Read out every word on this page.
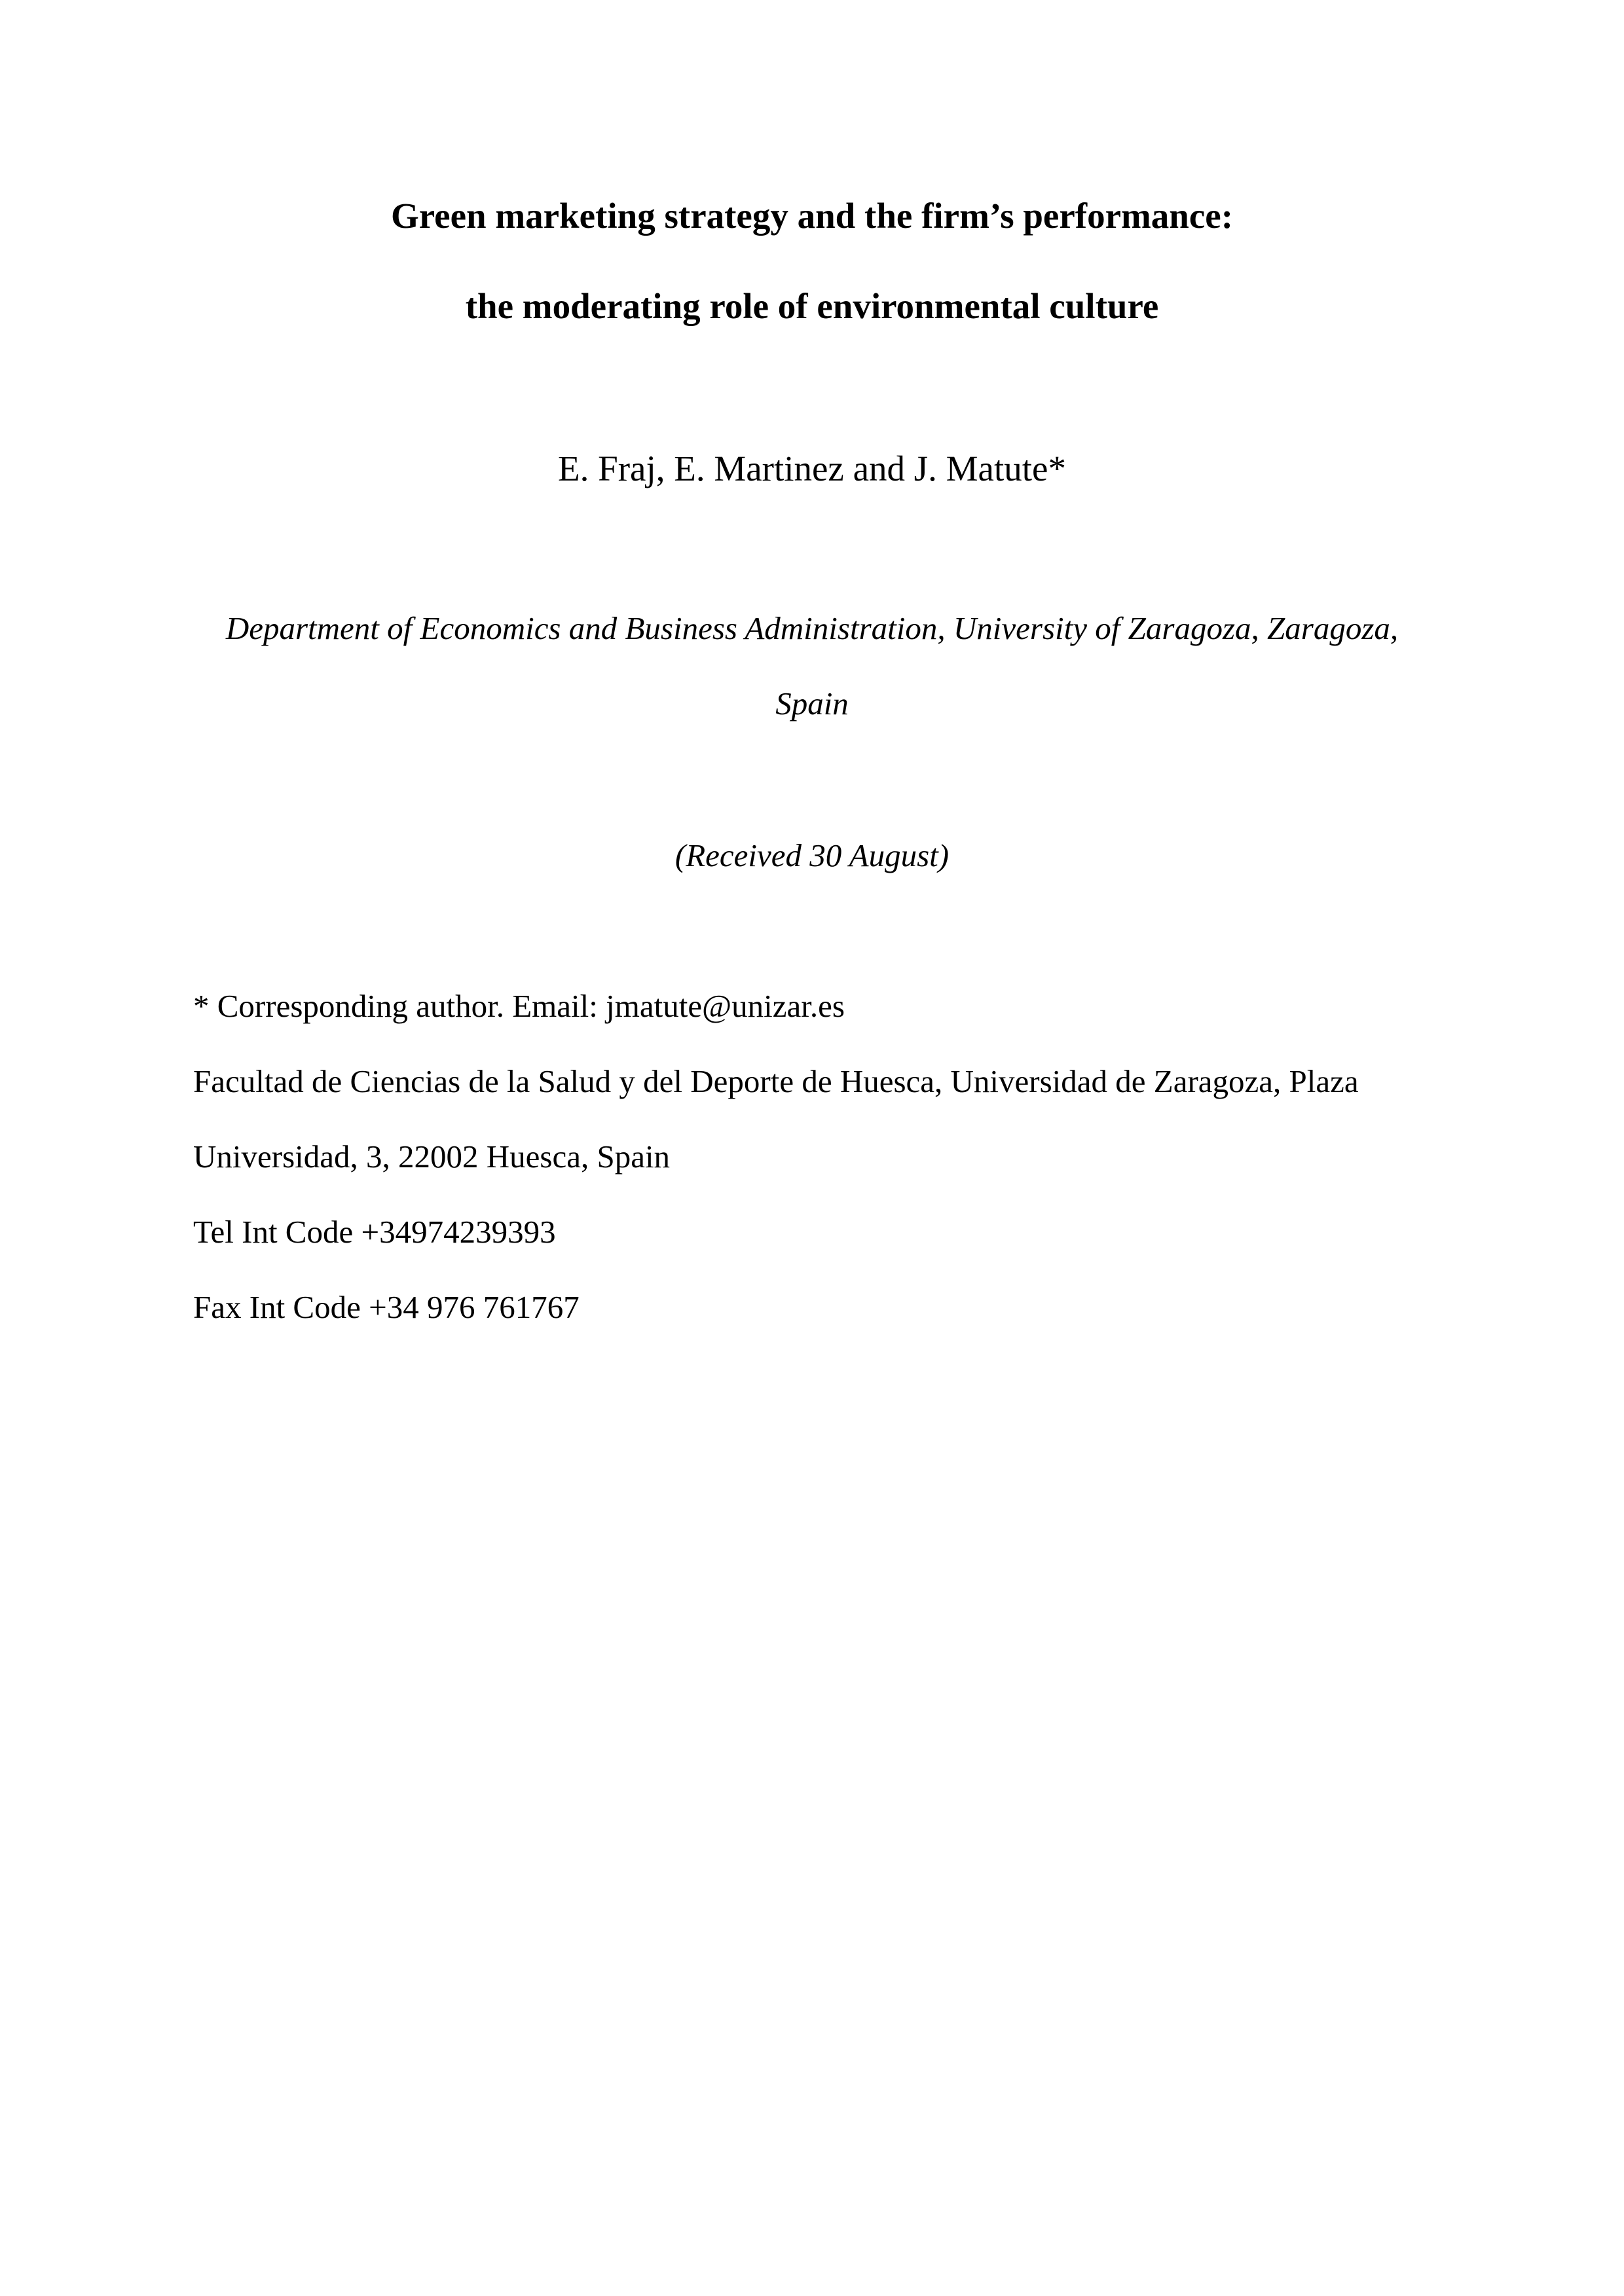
Green marketing strategy and the firm’s performance:
the moderating role of environmental culture
E. Fraj, E. Martinez and J. Matute*
Department of Economics and Business Administration, University of Zaragoza, Zaragoza,
Spain
(Received 30 August)
* Corresponding author. Email: jmatute@unizar.es
Facultad de Ciencias de la Salud y del Deporte de Huesca, Universidad de Zaragoza, Plaza
Universidad, 3, 22002 Huesca, Spain
Tel Int Code +34974239393
Fax Int Code +34 976 761767
